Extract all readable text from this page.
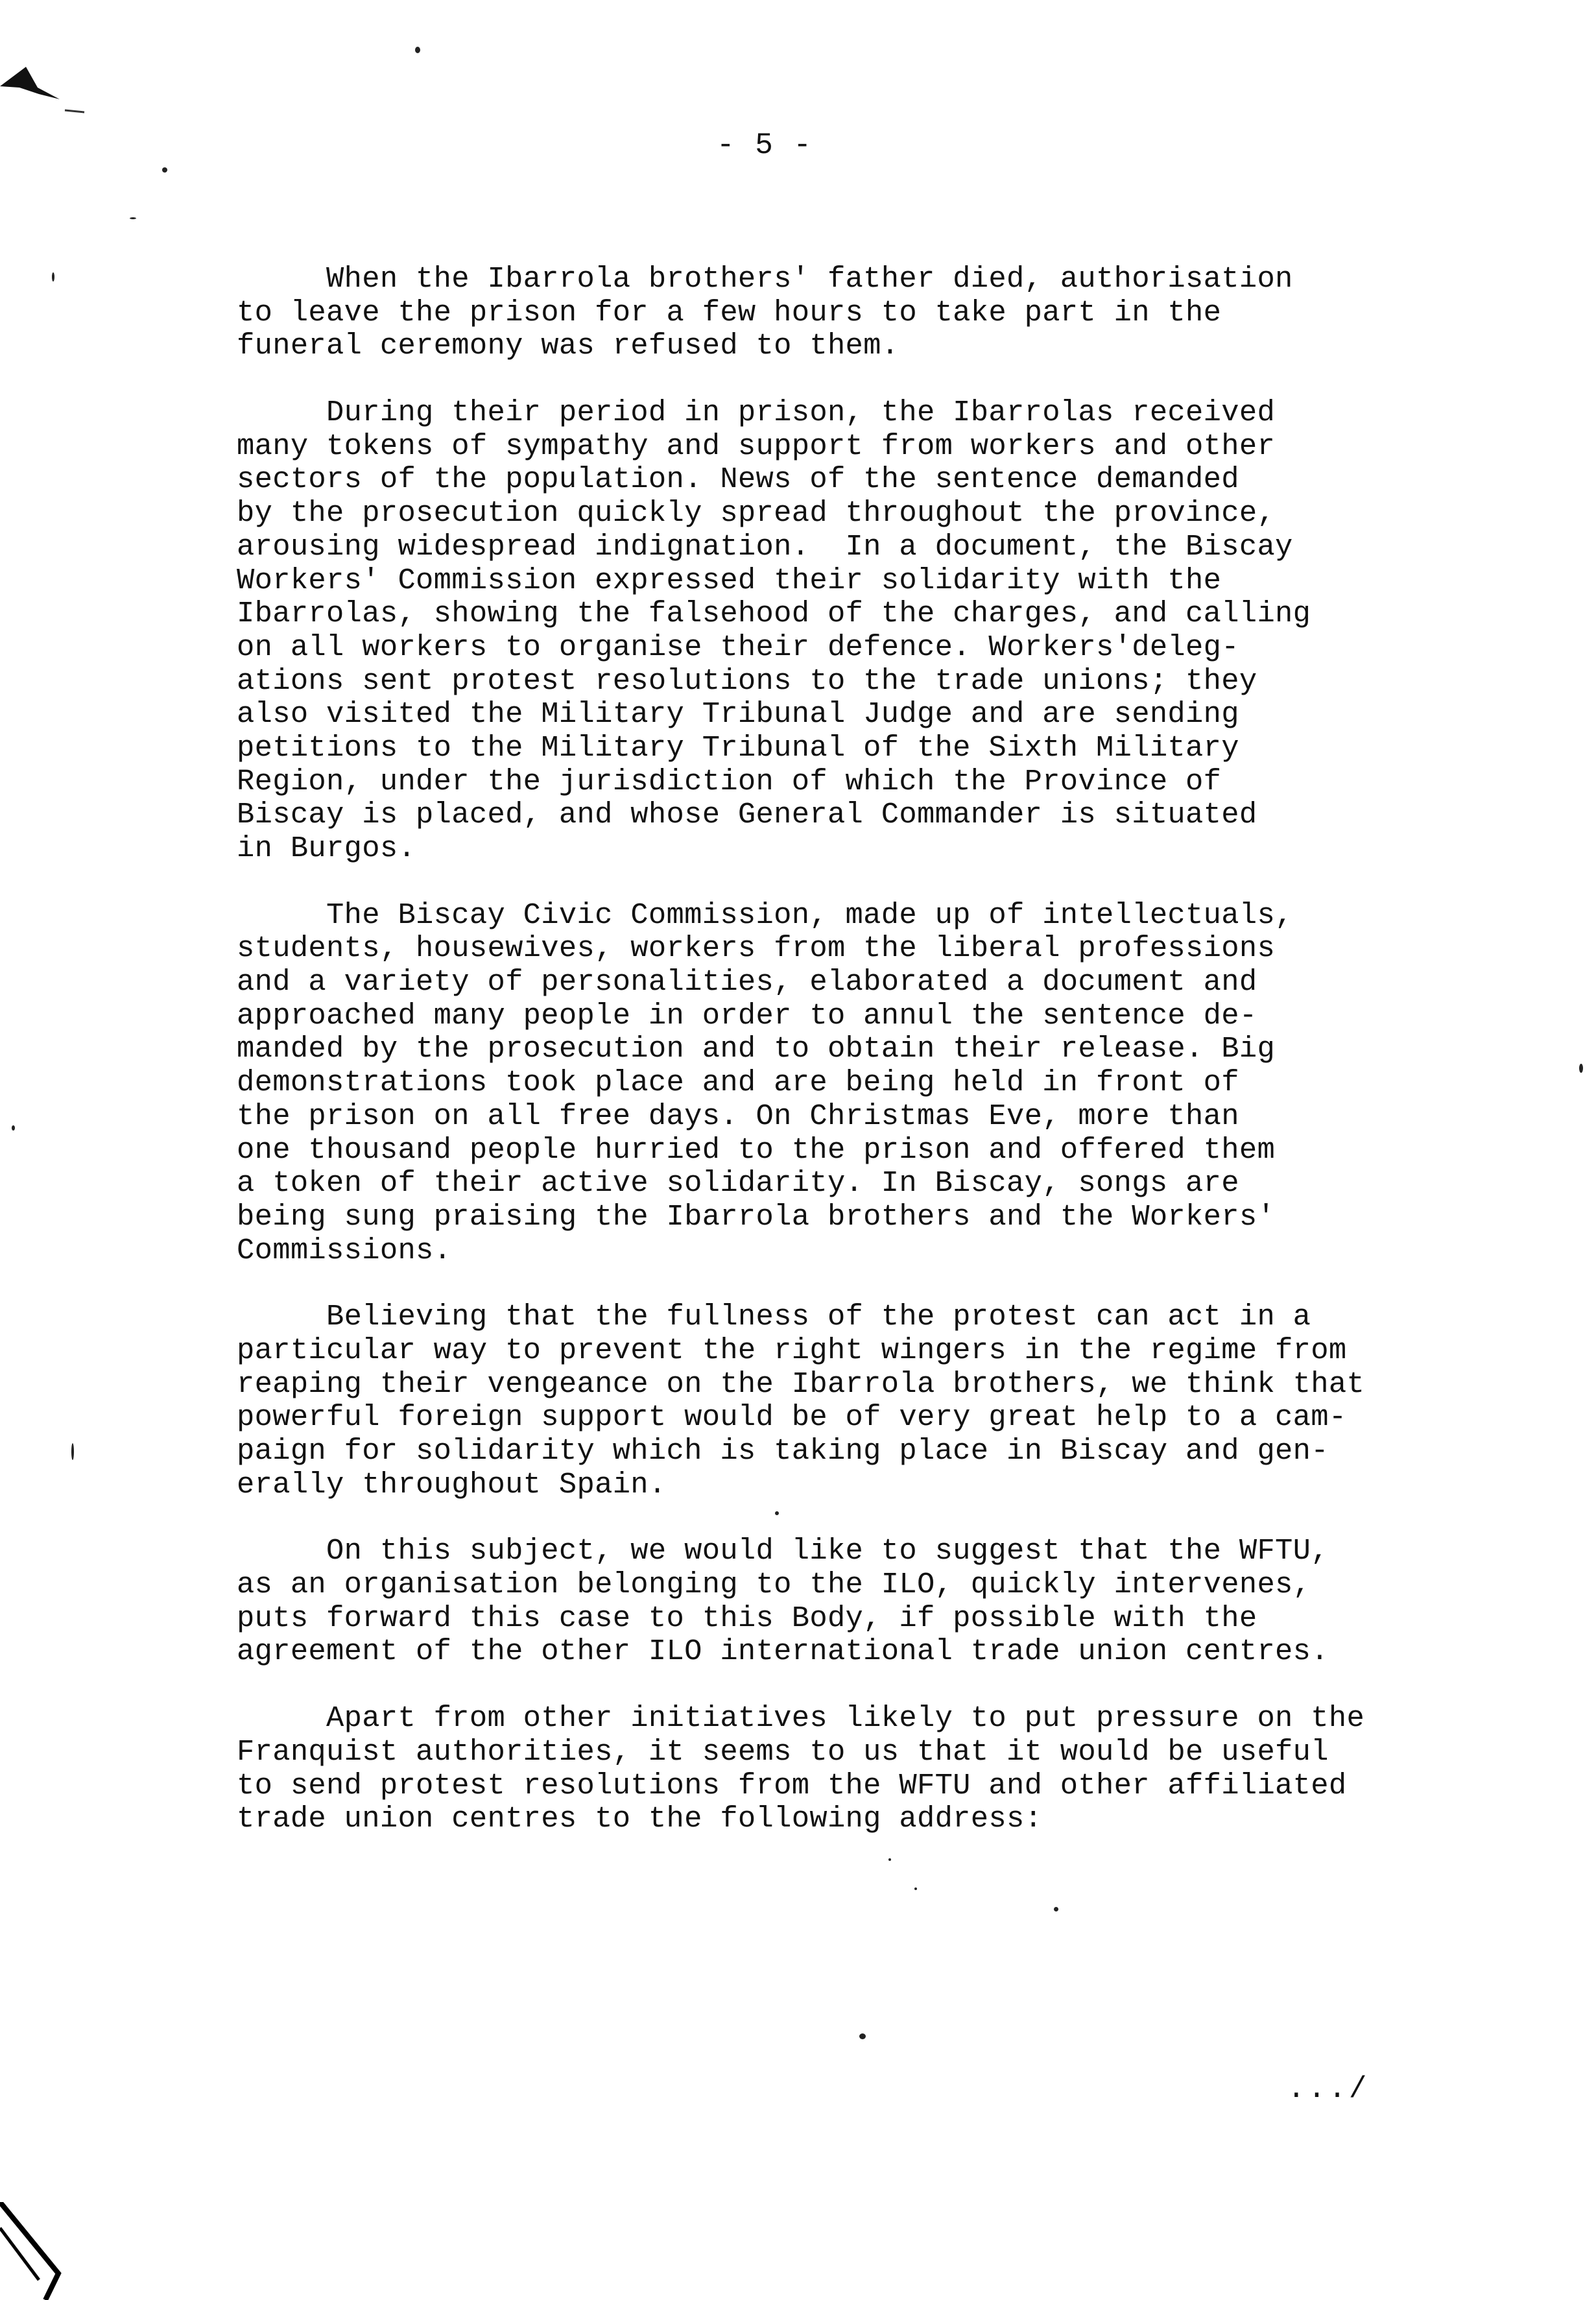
- 5 -

When the Ibarrola brothers' father died, authorisation
to leave the prison for a few hours to take part in the
funeral ceremony was refused to them.

During their period in prison, the Ibarrolas received
many tokens of sympathy and support from workers and other
sectors of the population. News of the sentence demanded
by the prosecution quickly spread throughout the province,
arousing widespread indignation.  In a document, the Biscay
Workers' Commission expressed their solidarity with the
Ibarrolas, showing the falsehood of the charges, and calling
on all workers to organise their defence. Workers'deleg-
ations sent protest resolutions to the trade unions; they
also visited the Military Tribunal Judge and are sending
petitions to the Military Tribunal of the Sixth Military
Region, under the jurisdiction of which the Province of
Biscay is placed, and whose General Commander is situated
in Burgos.

The Biscay Civic Commission, made up of intellectuals,
students, housewives, workers from the liberal professions
and a variety of personalities, elaborated a document and
approached many people in order to annul the sentence de-
manded by the prosecution and to obtain their release. Big
demonstrations took place and are being held in front of
the prison on all free days. On Christmas Eve, more than
one thousand people hurried to the prison and offered them
a token of their active solidarity. In Biscay, songs are
being sung praising the Ibarrola brothers and the Workers'
Commissions.

Believing that the fullness of the protest can act in a
particular way to prevent the right wingers in the regime from
reaping their vengeance on the Ibarrola brothers, we think that
powerful foreign support would be of very great help to a cam-
paign for solidarity which is taking place in Biscay and gen-
erally throughout Spain.

On this subject, we would like to suggest that the WFTU,
as an organisation belonging to the ILO, quickly intervenes,
puts forward this case to this Body, if possible with the
agreement of the other ILO international trade union centres.

Apart from other initiatives likely to put pressure on the
Franquist authorities, it seems to us that it would be useful
to send protest resolutions from the WFTU and other affiliated
trade union centres to the following address:

.../
